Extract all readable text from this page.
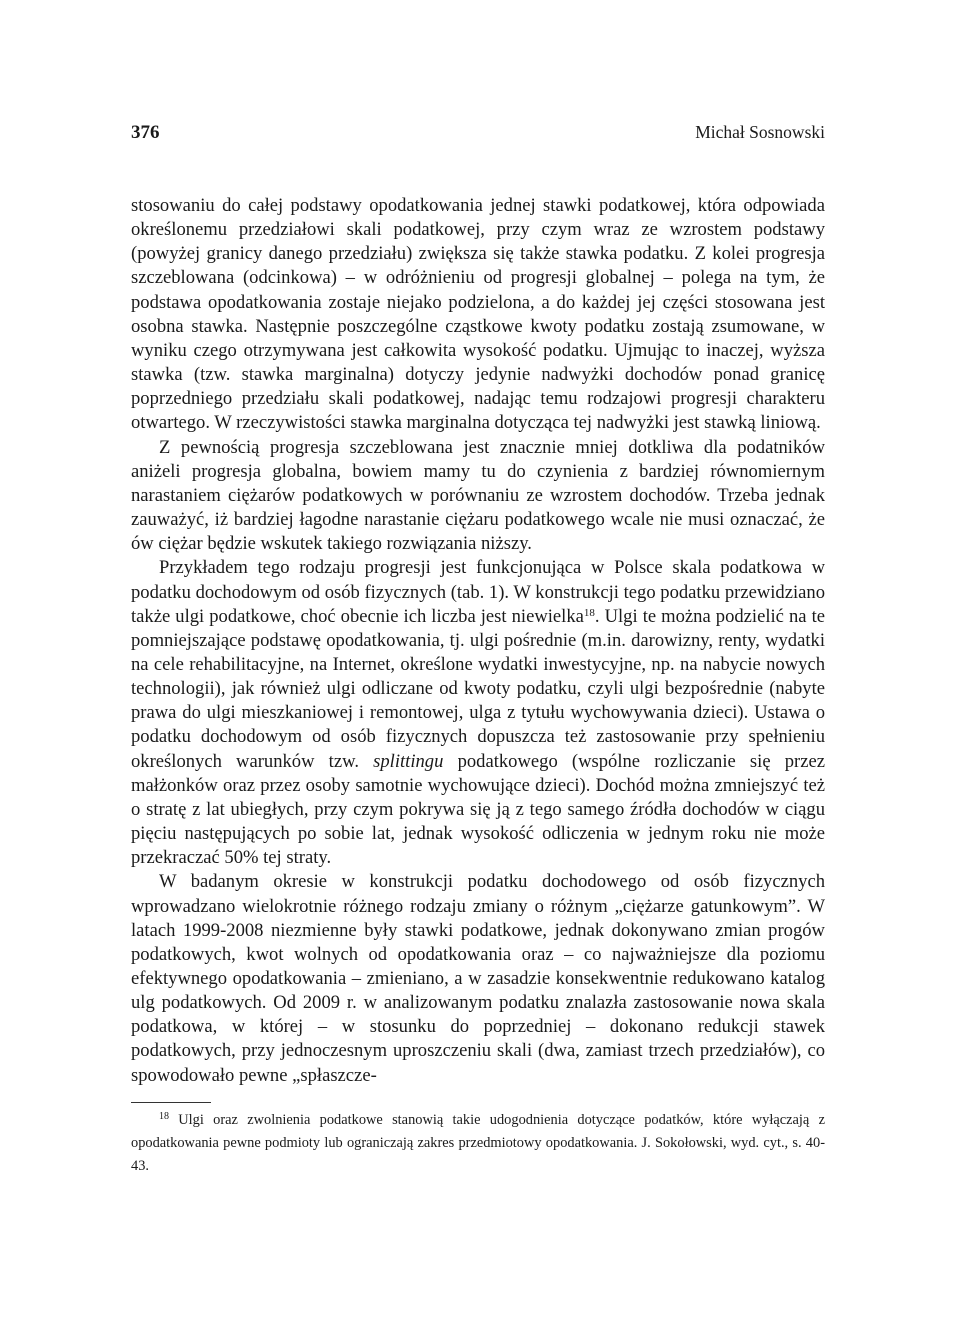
376	Michał Sosnowski

stosowaniu do całej podstawy opodatkowania jednej stawki podatkowej, która odpowiada określonemu przedziałowi skali podatkowej, przy czym wraz ze wzrostem podstawy (powyżej granicy danego przedziału) zwiększa się także stawka podatku. Z kolei progresja szczeblowana (odcinkowa) – w odróżnieniu od progresji globalnej – polega na tym, że podstawa opodatkowania zostaje niejako podzielona, a do każdej jej części stosowana jest osobna stawka. Następnie poszczególne cząstkowe kwoty podatku zostają zsumowane, w wyniku czego otrzymywana jest całkowita wysokość podatku. Ujmując to inaczej, wyższa stawka (tzw. stawka marginalna) dotyczy jedynie nadwyżki dochodów ponad granicę poprzedniego przedziału skali podatkowej, nadając temu rodzajowi progresji charakteru otwartego. W rzeczywistości stawka marginalna dotycząca tej nadwyżki jest stawką liniową.

Z pewnością progresja szczeblowana jest znacznie mniej dotkliwa dla podatników aniżeli progresja globalna, bowiem mamy tu do czynienia z bardziej równomiernym narastaniem ciężarów podatkowych w porównaniu ze wzrostem dochodów. Trzeba jednak zauważyć, iż bardziej łagodne narastanie ciężaru podatkowego wcale nie musi oznaczać, że ów ciężar będzie wskutek takiego rozwiązania niższy.

Przykładem tego rodzaju progresji jest funkcjonująca w Polsce skala podatkowa w podatku dochodowym od osób fizycznych (tab. 1). W konstrukcji tego podatku przewidziano także ulgi podatkowe, choć obecnie ich liczba jest niewielka$^{18}$. Ulgi te można podzielić na te pomniejszające podstawę opodatkowania, tj. ulgi pośrednie (m.in. darowizny, renty, wydatki na cele rehabilitacyjne, na Internet, określone wydatki inwestycyjne, np. na nabycie nowych technologii), jak również ulgi odliczane od kwoty podatku, czyli ulgi bezpośrednie (nabyte prawa do ulgi mieszkaniowej i remontowej, ulga z tytułu wychowywania dzieci). Ustawa o podatku dochodowym od osób fizycznych dopuszcza też zastosowanie przy spełnieniu określonych warunków tzw. splittingu podatkowego (wspólne rozliczanie się przez małżonków oraz przez osoby samotnie wychowujące dzieci). Dochód można zmniejszyć też o stratę z lat ubiegłych, przy czym pokrywa się ją z tego samego źródła dochodów w ciągu pięciu następujących po sobie lat, jednak wysokość odliczenia w jednym roku nie może przekraczać 50% tej straty.

W badanym okresie w konstrukcji podatku dochodowego od osób fizycznych wprowadzano wielokrotnie różnego rodzaju zmiany o różnym „ciężarze gatunkowym”. W latach 1999-2008 niezmienne były stawki podatkowe, jednak dokonywano zmian progów podatkowych, kwot wolnych od opodatkowania oraz – co najważniejsze dla poziomu efektywnego opodatkowania – zmieniano, a w zasadzie konsekwentnie redukowano katalog ulg podatkowych. Od 2009 r. w analizowanym podatku znalazła zastosowanie nowa skala podatkowa, w której – w stosunku do poprzedniej – dokonano redukcji stawek podatkowych, przy jednoczesnym uproszczeniu skali (dwa, zamiast trzech przedziałów), co spowodowało pewne „spłaszcze-

$^{18}$ Ulgi oraz zwolnienia podatkowe stanowią takie udogodnienia dotyczące podatków, które wyłączają z opodatkowania pewne podmioty lub ograniczają zakres przedmiotowy opodatkowania. J. Sokołowski, wyd. cyt., s. 40-43.
